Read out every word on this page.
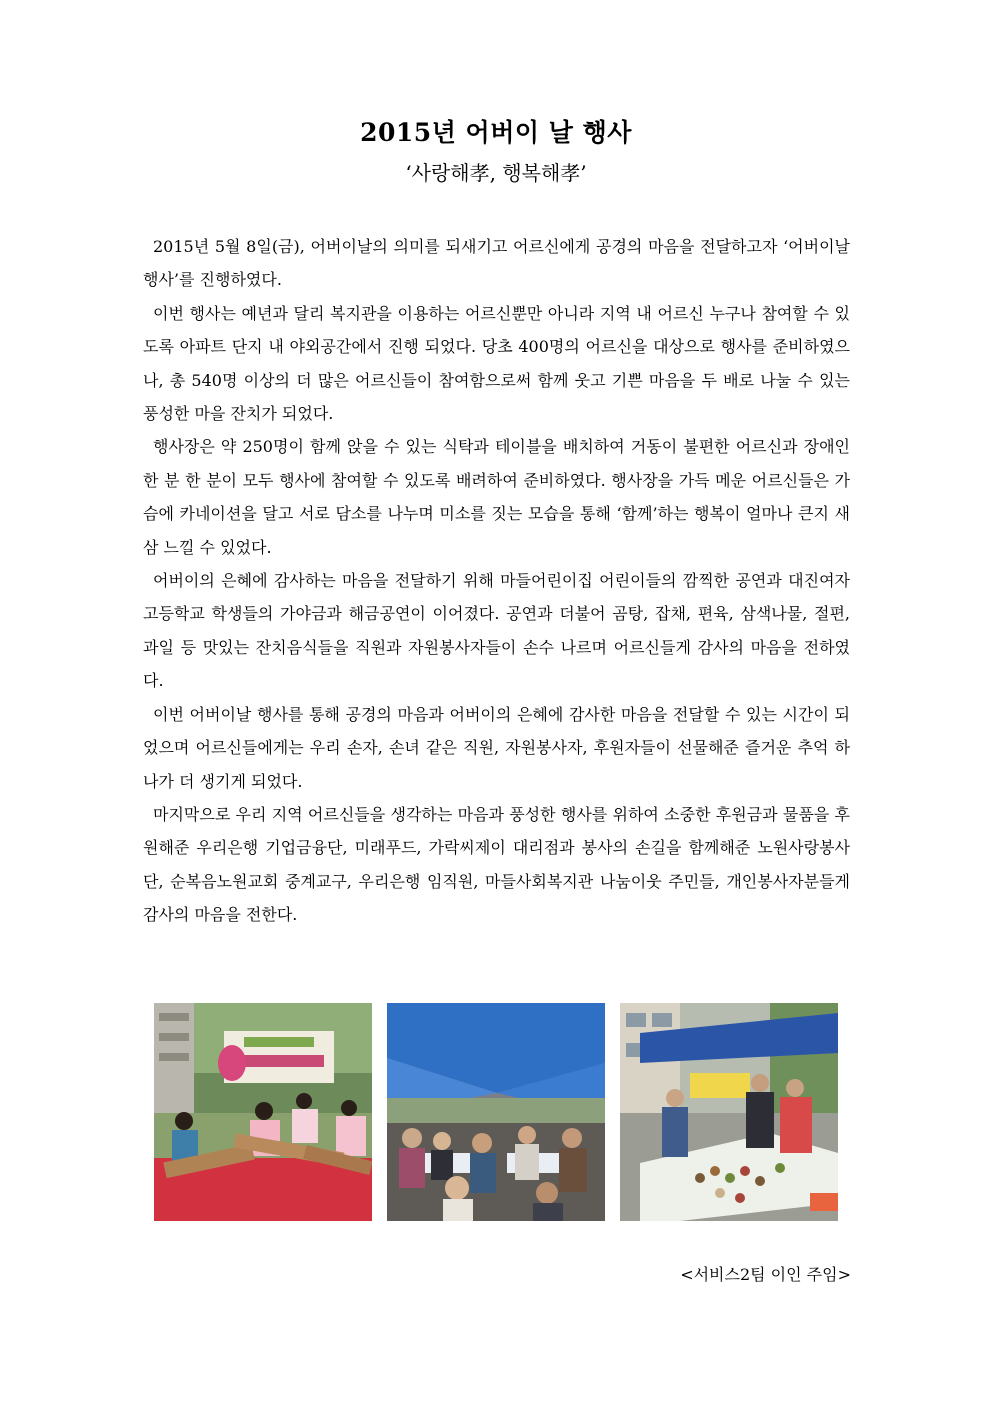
2015년 어버이 날 행사
‘사랑해孝, 행복해孝’

2015년 5월 8일(금), 어버이날의 의미를 되새기고 어르신에게 공경의 마음을 전달하고자 ‘어버이날 행사’를 진행하였다.

이번 행사는 예년과 달리 복지관을 이용하는 어르신뿐만 아니라 지역 내 어르신 누구나 참여할 수 있도록 아파트 단지 내 야외공간에서 진행 되었다. 당초 400명의 어르신을 대상으로 행사를 준비하였으나, 총 540명 이상의 더 많은 어르신들이 참여함으로써 함께 웃고 기쁜 마음을 두 배로 나눌 수 있는 풍성한 마을 잔치가 되었다.

행사장은 약 250명이 함께 앉을 수 있는 식탁과 테이블을 배치하여 거동이 불편한 어르신과 장애인 한 분 한 분이 모두 행사에 참여할 수 있도록 배려하여 준비하였다. 행사장을 가득 메운 어르신들은 가슴에 카네이션을 달고 서로 담소를 나누며 미소를 짓는 모습을 통해 ‘함께’하는 행복이 얼마나 큰지 새삼 느낄 수 있었다.

어버이의 은혜에 감사하는 마음을 전달하기 위해 마들어린이집 어린이들의 깜찍한 공연과 대진여자고등학교 학생들의 가야금과 해금공연이 이어졌다. 공연과 더불어 곰탕, 잡채, 편육, 삼색나물, 절편, 과일 등 맛있는 잔치음식들을 직원과 자원봉사자들이 손수 나르며 어르신들게 감사의 마음을 전하였다.

이번 어버이날 행사를 통해 공경의 마음과 어버이의 은혜에 감사한 마음을 전달할 수 있는 시간이 되었으며 어르신들에게는 우리 손자, 손녀 같은 직원, 자원봉사자, 후원자들이 선물해준 즐거운 추억 하나가 더 생기게 되었다.

마지막으로 우리 지역 어르신들을 생각하는 마음과 풍성한 행사를 위하여 소중한 후원금과 물품을 후원해준 우리은행 기업금융단, 미래푸드, 가락씨제이 대리점과 봉사의 손길을 함께해준 노원사랑봉사단, 순복음노원교회 중계교구, 우리은행 임직원, 마들사회복지관 나눔이웃 주민들, 개인봉사자분들게 감사의 마음을 전한다.

<서비스2팀 이인 주임>
